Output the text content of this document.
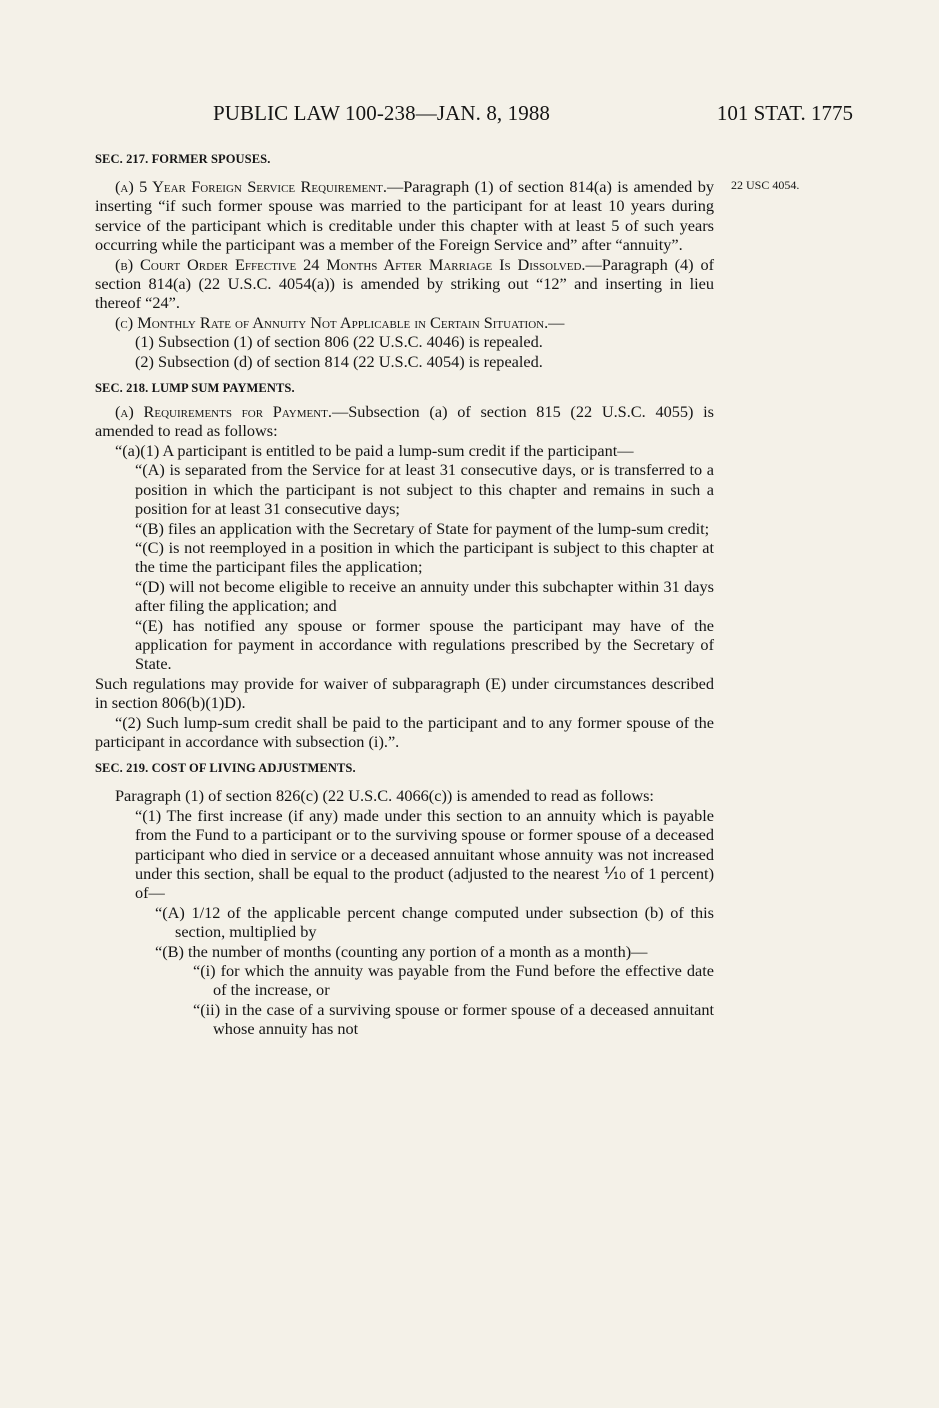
PUBLIC LAW 100-238—JAN. 8, 1988	101 STAT. 1775
22 USC 4054.
SEC. 217. FORMER SPOUSES.

(a) 5 Year Foreign Service Requirement.—Paragraph (1) of section 814(a) is amended by inserting “if such former spouse was married to the participant for at least 10 years during service of the participant which is creditable under this chapter with at least 5 of such years occurring while the participant was a member of the Foreign Service and” after “annuity”.

(b) Court Order Effective 24 Months After Marriage Is Dissolved.—Paragraph (4) of section 814(a) (22 U.S.C. 4054(a)) is amended by striking out “12” and inserting in lieu thereof “24”.

(c) Monthly Rate of Annuity Not Applicable in Certain Situation.—

(1) Subsection (1) of section 806 (22 U.S.C. 4046) is repealed.

(2) Subsection (d) of section 814 (22 U.S.C. 4054) is repealed.

SEC. 218. LUMP SUM PAYMENTS.

(a) Requirements for Payment.—Subsection (a) of section 815 (22 U.S.C. 4055) is amended to read as follows:

“(a)(1) A participant is entitled to be paid a lump-sum credit if the participant—

“(A) is separated from the Service for at least 31 consecutive days, or is transferred to a position in which the participant is not subject to this chapter and remains in such a position for at least 31 consecutive days;

“(B) files an application with the Secretary of State for payment of the lump-sum credit;

“(C) is not reemployed in a position in which the participant is subject to this chapter at the time the participant files the application;

“(D) will not become eligible to receive an annuity under this subchapter within 31 days after filing the application; and

“(E) has notified any spouse or former spouse the participant may have of the application for payment in accordance with regulations prescribed by the Secretary of State.

Such regulations may provide for waiver of subparagraph (E) under circumstances described in section 806(b)(1)D).

“(2) Such lump-sum credit shall be paid to the participant and to any former spouse of the participant in accordance with subsection (i).”.

SEC. 219. COST OF LIVING ADJUSTMENTS.

Paragraph (1) of section 826(c) (22 U.S.C. 4066(c)) is amended to read as follows:

“(1) The first increase (if any) made under this section to an annuity which is payable from the Fund to a participant or to the surviving spouse or former spouse of a deceased participant who died in service or a deceased annuitant whose annuity was not increased under this section, shall be equal to the product (adjusted to the nearest ⅒ of 1 percent) of—

“(A) 1/12 of the applicable percent change computed under subsection (b) of this section, multiplied by

“(B) the number of months (counting any portion of a month as a month)—

“(i) for which the annuity was payable from the Fund before the effective date of the increase, or

“(ii) in the case of a surviving spouse or former spouse of a deceased annuitant whose annuity has not
